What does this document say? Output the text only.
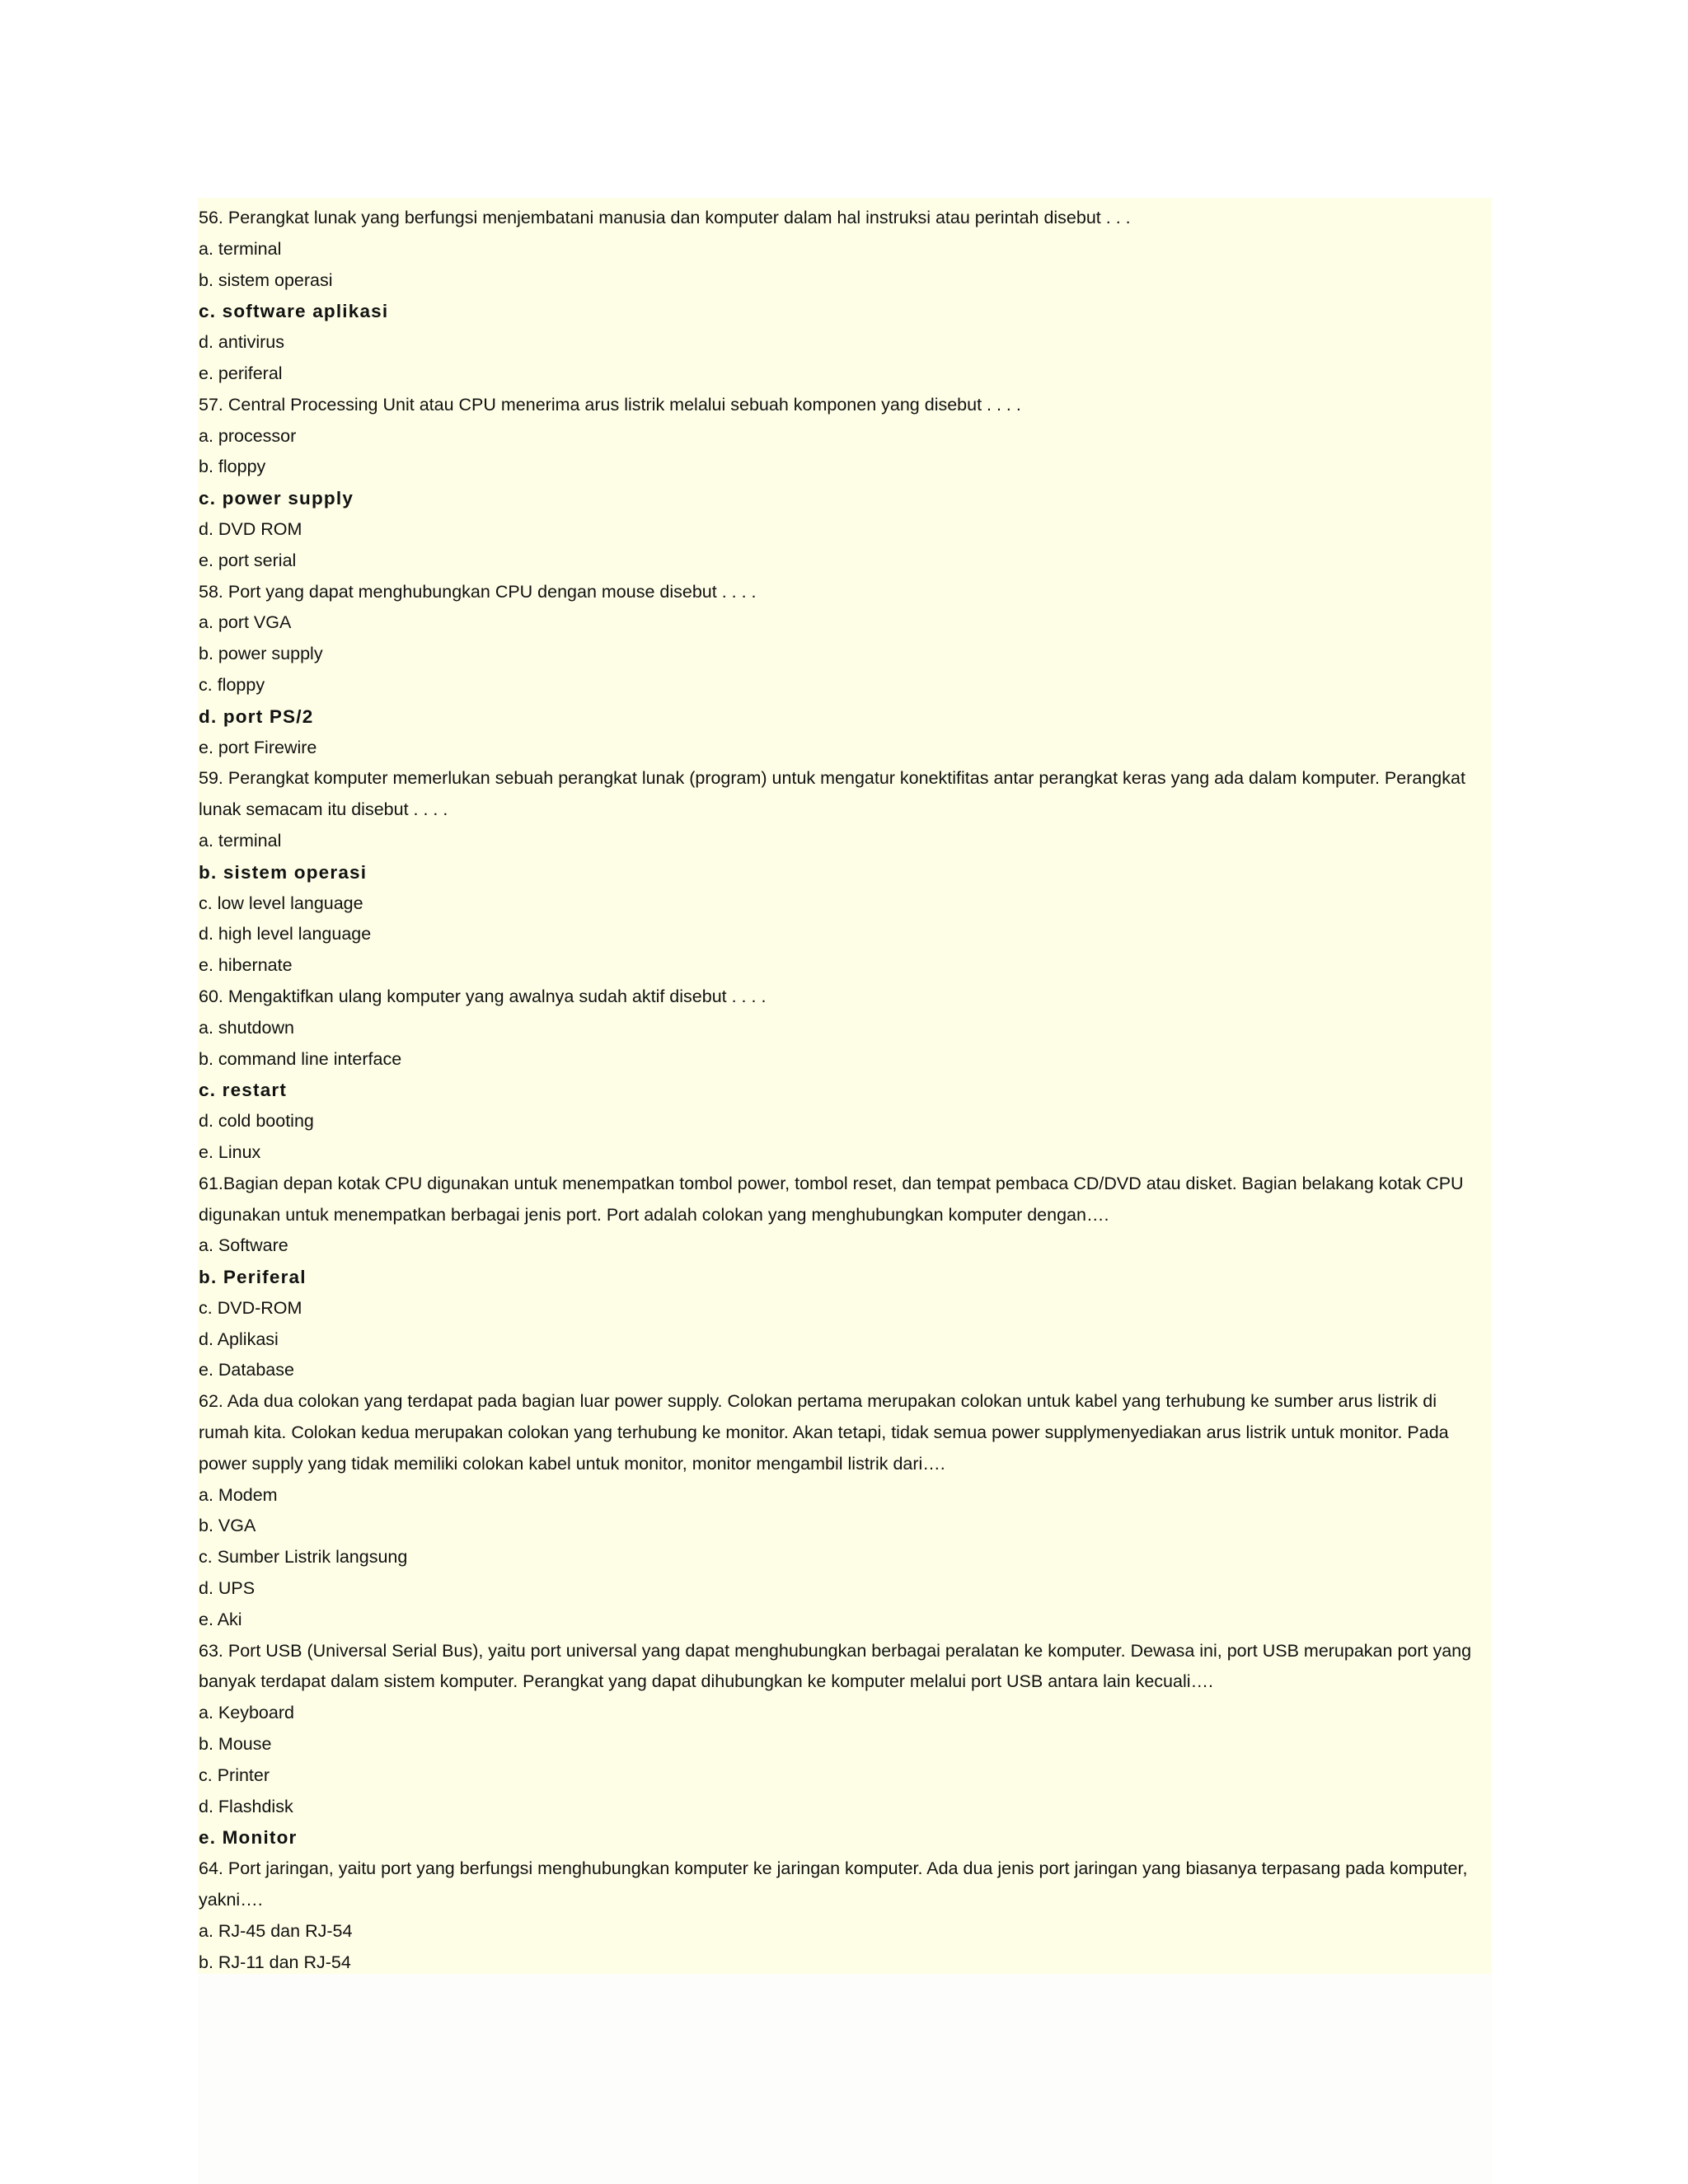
56. Perangkat lunak yang berfungsi menjembatani manusia dan komputer dalam hal instruksi atau perintah disebut . . .

a. terminal

b. sistem operasi

c. software aplikasi

d. antivirus

e. periferal

57. Central Processing Unit atau CPU menerima arus listrik melalui sebuah komponen yang disebut . . . .

a. processor

b. floppy

c. power supply

d. DVD ROM

e. port serial

58. Port yang dapat menghubungkan CPU dengan mouse disebut . . . .

a. port VGA

b. power supply

c. floppy

d. port PS/2

e. port Firewire

59. Perangkat komputer memerlukan sebuah perangkat lunak (program) untuk mengatur konektifitas antar perangkat keras yang ada dalam komputer. Perangkat lunak semacam itu disebut . . . .

a. terminal

b. sistem operasi

c. low level language

d. high level language

e. hibernate

60. Mengaktifkan ulang komputer yang awalnya sudah aktif disebut . . . .

a. shutdown

b. command line interface

c. restart

d. cold booting

e. Linux

61.Bagian depan kotak CPU digunakan untuk menempatkan tombol power, tombol reset, dan tempat pembaca CD/DVD atau disket. Bagian belakang kotak CPU digunakan untuk menempatkan berbagai jenis port. Port adalah colokan yang menghubungkan komputer dengan….

a. Software

b. Periferal

c. DVD-ROM

d. Aplikasi

e. Database

62. Ada dua colokan yang terdapat pada bagian luar power supply. Colokan pertama merupakan colokan untuk kabel yang terhubung ke sumber arus listrik di rumah kita. Colokan kedua merupakan colokan yang terhubung ke monitor. Akan tetapi, tidak semua power supplymenyediakan arus listrik untuk monitor. Pada power supply yang tidak memiliki colokan kabel untuk monitor, monitor mengambil listrik dari….

a. Modem

b. VGA

c. Sumber Listrik langsung

d. UPS

e. Aki

63. Port USB (Universal Serial Bus), yaitu port universal yang dapat menghubungkan berbagai peralatan ke komputer. Dewasa ini, port USB merupakan port yang banyak terdapat dalam sistem komputer. Perangkat yang dapat dihubungkan ke komputer melalui port USB antara lain kecuali….

a. Keyboard

b. Mouse

c. Printer

d. Flashdisk

e. Monitor

64. Port jaringan, yaitu port yang berfungsi menghubungkan komputer ke jaringan komputer. Ada dua jenis port jaringan yang biasanya terpasang pada komputer, yakni….

a. RJ-45 dan RJ-54

b. RJ-11 dan RJ-54
